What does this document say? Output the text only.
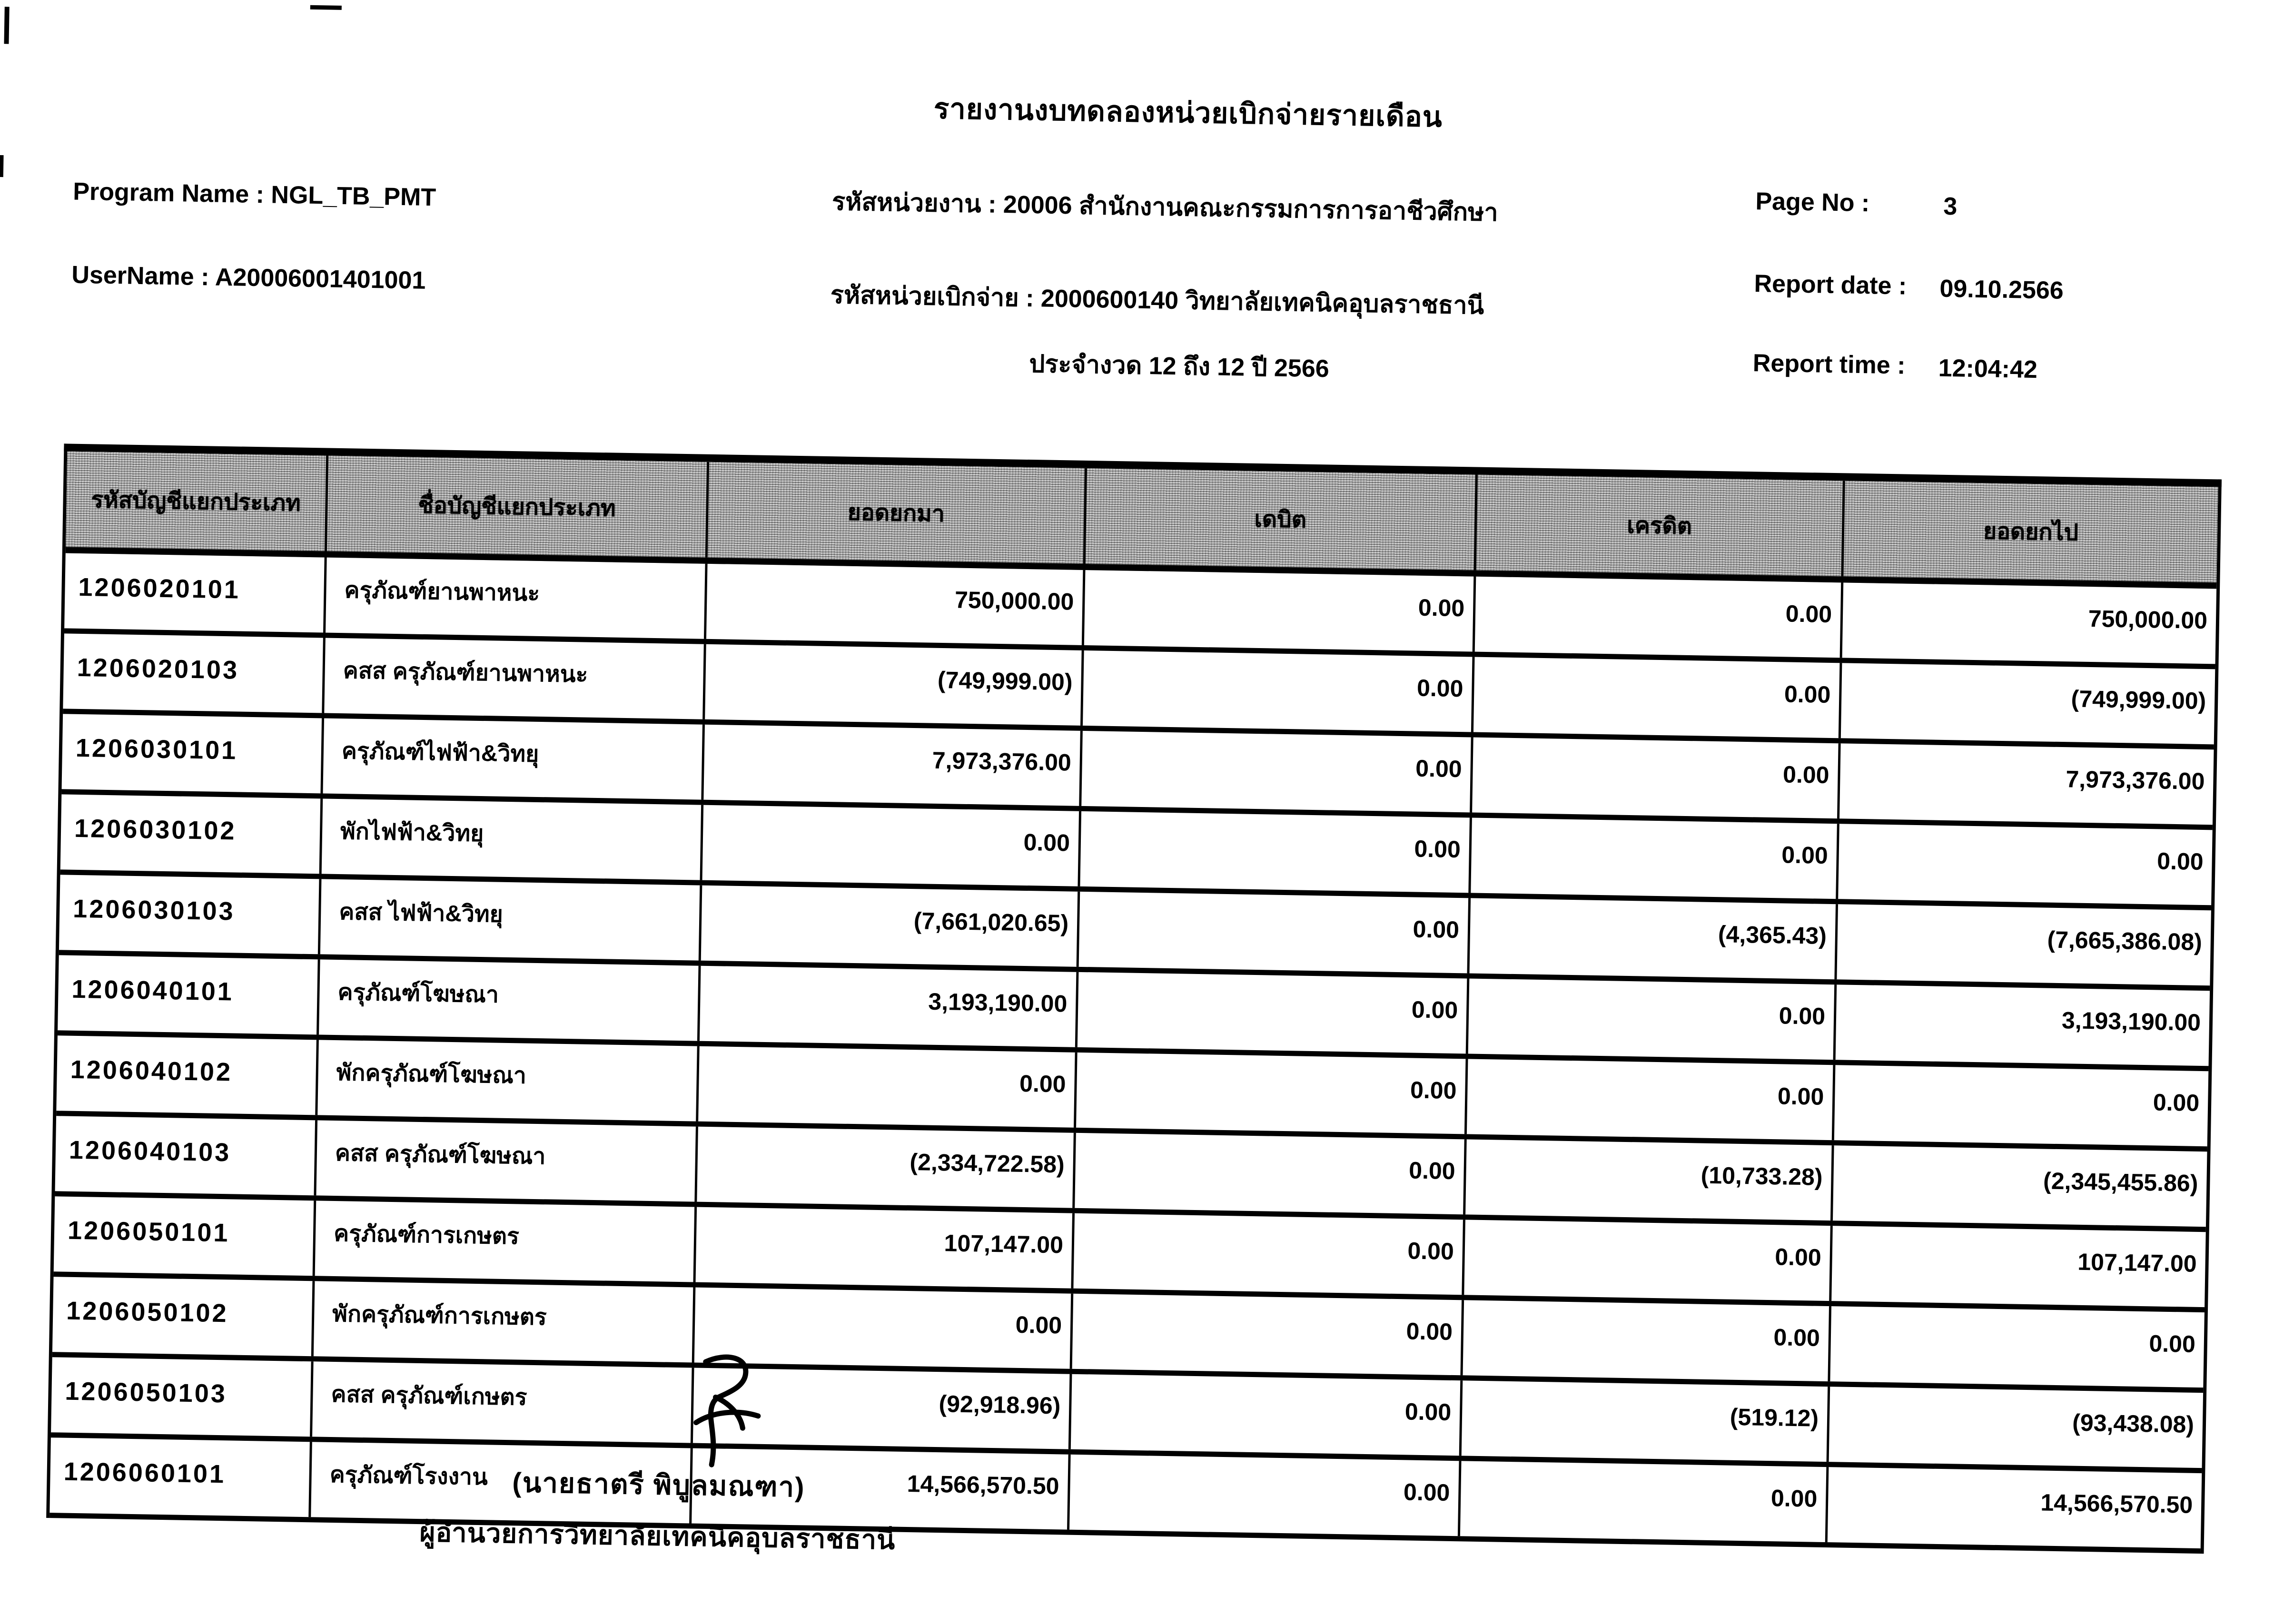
รายงานงบทดลองหน่วยเบิกจ่ายรายเดือน
Program Name : NGL_TB_PMT
UserName : A20006001401001
รหัสหน่วยงาน : 20006 สำนักงานคณะกรรมการการอาชีวศึกษา
รหัสหน่วยเบิกจ่าย : 2000600140 วิทยาลัยเทคนิคอุบลราชธานี
ประจำงวด 12 ถึง 12 ปี 2566
Page No :	3
Report date : 09.10.2566
Report time : 12:04:42
รหัสบัญชีแยกประเภท	ชื่อบัญชีแยกประเภท	ยอดยกมา	เดบิต	เครดิต	ยอดยกไป
1206020101	ครุภัณฑ์ยานพาหนะ	750,000.00	0.00	0.00	750,000.00
1206020103	คสส ครุภัณฑ์ยานพาหนะ	(749,999.00)	0.00	0.00	(749,999.00)
1206030101	ครุภัณฑ์ไฟฟ้า&วิทยุ	7,973,376.00	0.00	0.00	7,973,376.00
1206030102	พักไฟฟ้า&วิทยุ	0.00	0.00	0.00	0.00
1206030103	คสส ไฟฟ้า&วิทยุ	(7,661,020.65)	0.00	(4,365.43)	(7,665,386.08)
1206040101	ครุภัณฑ์โฆษณา	3,193,190.00	0.00	0.00	3,193,190.00
1206040102	พักครุภัณฑ์โฆษณา	0.00	0.00	0.00	0.00
1206040103	คสส ครุภัณฑ์โฆษณา	(2,334,722.58)	0.00	(10,733.28)	(2,345,455.86)
1206050101	ครุภัณฑ์การเกษตร	107,147.00	0.00	0.00	107,147.00
1206050102	พักครุภัณฑ์การเกษตร	0.00	0.00	0.00	0.00
1206050103	คสส ครุภัณฑ์เกษตร	(92,918.96)	0.00	(519.12)	(93,438.08)
1206060101	ครุภัณฑ์โรงงาน	14,566,570.50	0.00	0.00	14,566,570.50
(นายธาตรี พิบูลมณฑา)
ผู้อำนวยการวิทยาลัยเทคนิคอุบลราชธานี
